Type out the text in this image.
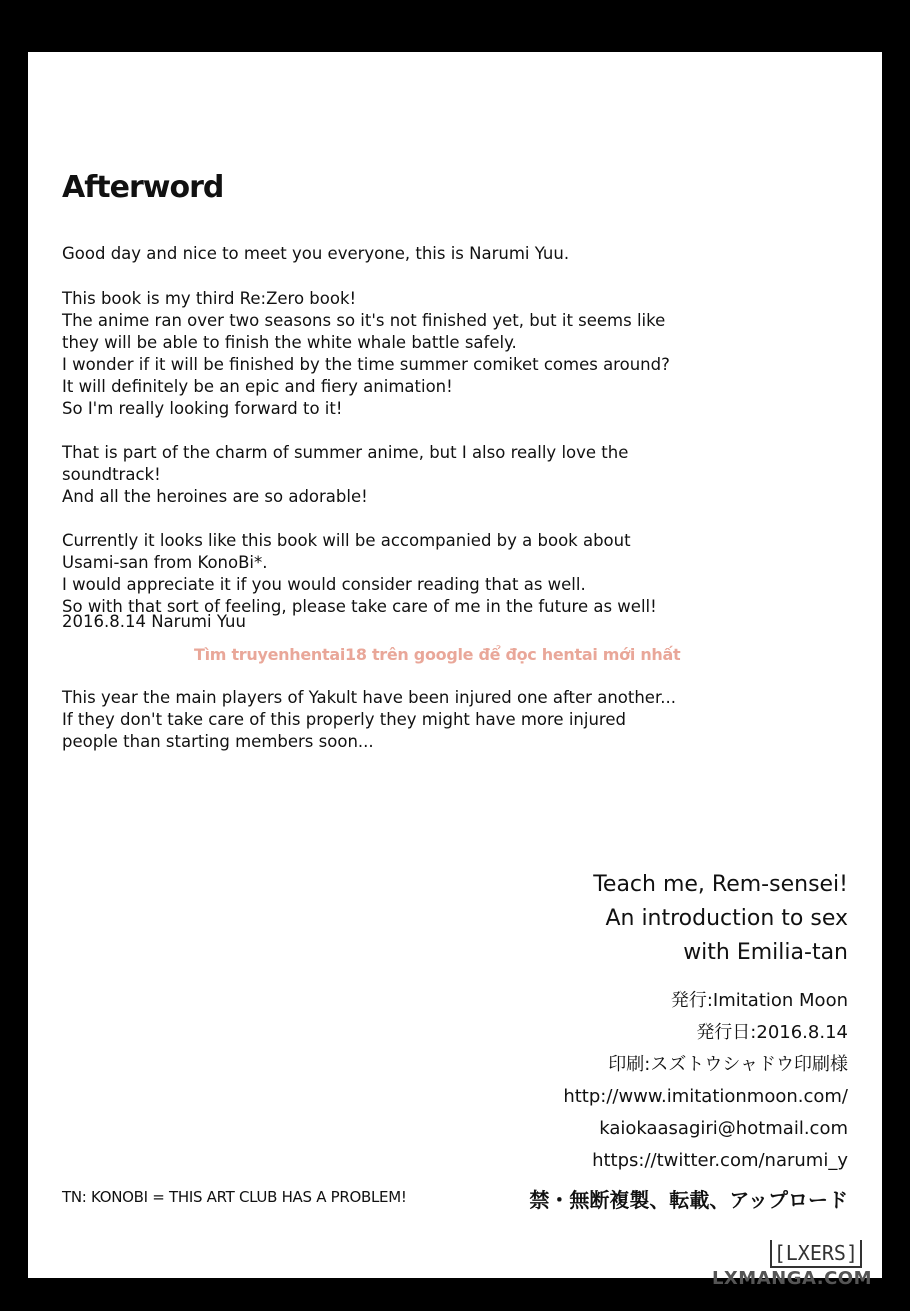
Afterword
Good day and nice to meet you everyone, this is Narumi Yuu.
This book is my third Re:Zero book!
The anime ran over two seasons so it's not finished yet, but it seems like
they will be able to finish the white whale battle safely.
I wonder if it will be finished by the time summer comiket comes around?
It will definitely be an epic and fiery animation!
So I'm really looking forward to it!
That is part of the charm of summer anime, but I also really love the
soundtrack!
And all the heroines are so adorable!
Currently it looks like this book will be accompanied by a book about
Usami-san from KonoBi*.
I would appreciate it if you would consider reading that as well.
So with that sort of feeling, please take care of me in the future as well!
2016.8.14 Narumi Yuu
Tìm truyenhentai18 trên google để đọc hentai mới nhất
This year the main players of Yakult have been injured one after another...
If they don't take care of this properly they might have more injured
people than starting members soon...
Teach me, Rem-sensei!
An introduction to sex
with Emilia-tan
発行:Imitation Moon
発行日:2016.8.14
印刷:スズトウシャドウ印刷様
http://www.imitationmoon.com/
kaiokaasagiri@hotmail.com
https://twitter.com/narumi_y
TN: KONOBI = THIS ART CLUB HAS A PROBLEM!	禁・無断複製、転載、アップロード
[LXERS]
LXMANGA.COM
